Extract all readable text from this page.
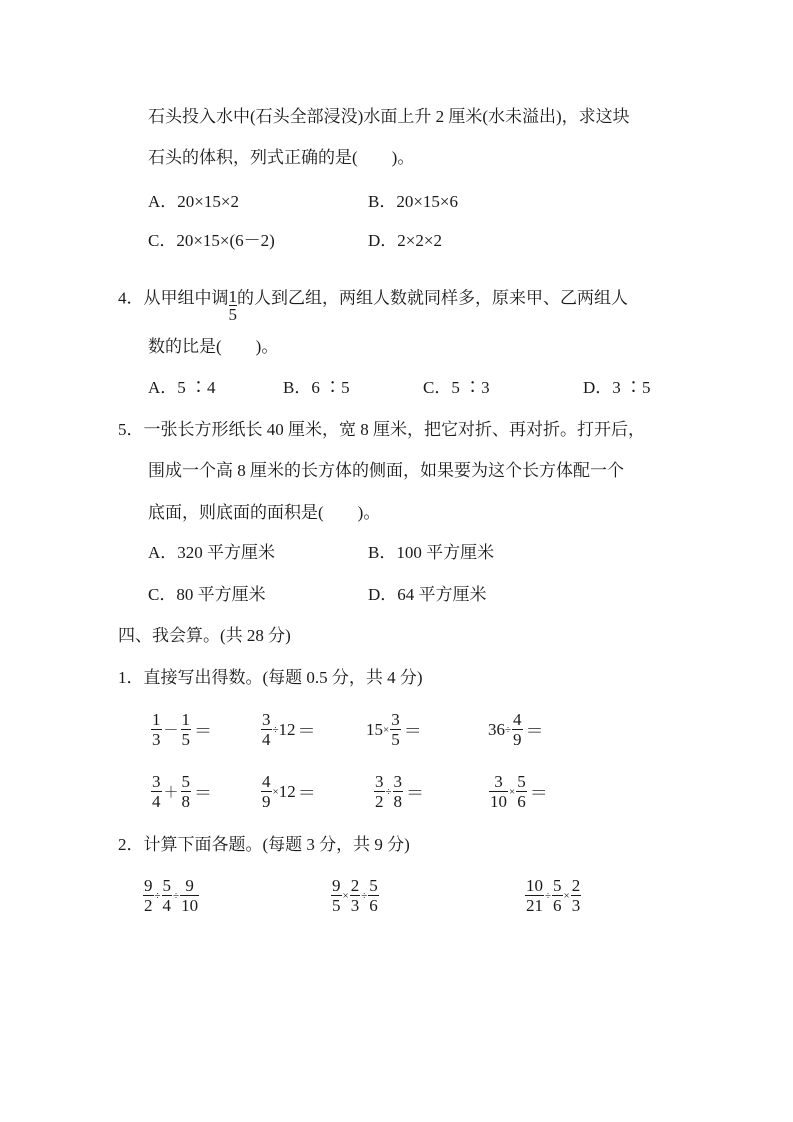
石头投入水中(石头全部浸没)水面上升 2 厘米(水未溢出)，求这块
石头的体积，列式正确的是(　　)。
A．20×15×2	B．20×15×6
C．20×15×(6－2)	D．2×2×2
4．从甲组中调 $\frac{1}{5}$ 的人到乙组，两组人数就同样多，原来甲、乙两组人
数的比是(　　)。
A．5 ∶4	B．6 ∶5	C．5 ∶3	D．3 ∶5
5．一张长方形纸长 40 厘米，宽 8 厘米，把它对折、再对折。打开后，
围成一个高 8 厘米的长方体的侧面，如果要为这个长方体配一个
底面，则底面的面积是(　　)。
A．320 平方厘米	B．100 平方厘米
C．80 平方厘米	D．64 平方厘米
四、我会算。(共 28 分)
1．直接写出得数。(每题 0.5 分，共 4 分)
$\frac{1}{3} - \frac{1}{5}$ ＝	$\frac{3}{4} \div 12$ ＝	$15 \times \frac{3}{5}$ ＝	$36 \div \frac{4}{9}$ ＝
$\frac{3}{4} + \frac{5}{8}$ ＝	$\frac{4}{9} \times 12$ ＝	$\frac{3}{2} \div \frac{3}{8}$ ＝	$\frac{3}{10} \times \frac{5}{6}$ ＝
2．计算下面各题。(每题 3 分，共 9 分)
$\frac{9}{2} \div \frac{5}{4} \div \frac{9}{10}$	$\frac{9}{5} \times \frac{2}{3} \div \frac{5}{6}$	$\frac{10}{21} \div \frac{5}{6} \times \frac{2}{3}$
